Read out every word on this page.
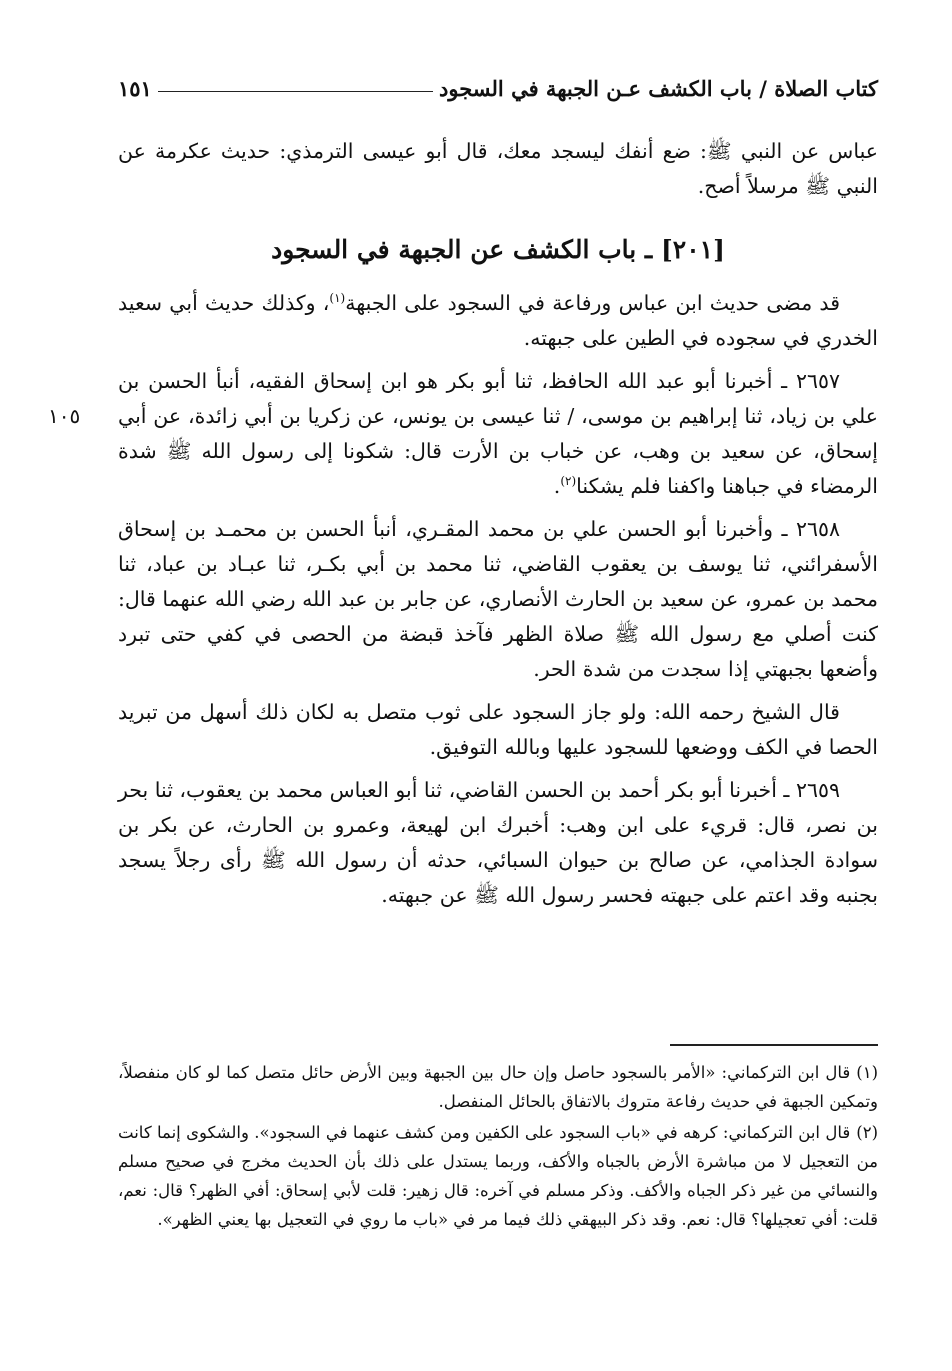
كتاب الصلاة / باب الكشف عـن الجبهة في السجود
١٥١

عباس عن النبي ﷺ: ضع أنفك ليسجد معك، قال أبو عيسى الترمذي: حديث عكرمة عن النبي ﷺ مرسلاً أصح.

[٢٠١] ـ باب الكشف عن الجبهة في السجود

قد مضى حديث ابن عباس ورفاعة في السجود على الجبهة$^{(١)}$، وكذلك حديث أبي سعيد الخدري في سجوده في الطين على جبهته.

١٠٥

٢٦٥٧ ـ أخبرنا أبو عبد الله الحافظ، ثنا أبو بكر هو ابن إسحاق الفقيه، أنبأ الحسن بن علي بن زياد، ثنا إبراهيم بن موسى، / ثنا عيسى بن يونس، عن زكريا بن أبي زائدة، عن أبي إسحاق، عن سعيد بن وهب، عن خباب بن الأرت قال: شكونا إلى رسول الله ﷺ شدة الرمضاء في جباهنا واكفنا فلم يشكنا$^{(٢)}$.

٢٦٥٨ ـ وأخبرنا أبو الحسن علي بن محمد المقـري، أنبأ الحسن بن محمـد بن إسحاق الأسفرائني، ثنا يوسف بن يعقوب القاضي، ثنا محمد بن أبي بكـر، ثنا عبـاد بن عباد، ثنا محمد بن عمرو، عن سعيد بن الحارث الأنصاري، عن جابر بن عبد الله رضي الله عنهما قال: كنت أصلي مع رسول الله ﷺ صلاة الظهر فآخذ قبضة من الحصى في كفي حتى تبرد وأضعها بجبهتي إذا سجدت من شدة الحر.

قال الشيخ رحمه الله: ولو جاز السجود على ثوب متصل به لكان ذلك أسهل من تبريد الحصا في الكف ووضعها للسجود عليها وبالله التوفيق.

٢٦٥٩ ـ أخبرنا أبو بكر أحمد بن الحسن القاضي، ثنا أبو العباس محمد بن يعقوب، ثنا بحر بن نصر، قال: قريء على ابن وهب: أخبرك ابن لهيعة، وعمرو بن الحارث، عن بكر بن سوادة الجذامي، عن صالح بن حيوان السبائي، حدثه أن رسول الله ﷺ رأى رجلاً يسجد بجنبه وقد اعتم على جبهته فحسر رسول الله ﷺ عن جبهته.

(١)قال ابن التركماني: «الأمر بالسجود حاصل وإن حال بين الجبهة وبين الأرض حائل متصل كما لو كان منفصلاً، وتمكين الجبهة في حديث رفاعة متروك بالاتفاق بالحائل المنفصل.

(٢)قال ابن التركماني: كرهه في «باب السجود على الكفين ومن كشف عنهما في السجود». والشكوى إنما كانت من التعجيل لا من مباشرة الأرض بالجباه والأكف، وربما يستدل على ذلك بأن الحديث مخرج في صحيح مسلم والنسائي من غير ذكر الجباه والأكف. وذكر مسلم في آخره: قال زهير: قلت لأبي إسحاق: أفي الظهر؟ قال: نعم، قلت: أفي تعجيلها؟ قال: نعم. وقد ذكر البيهقي ذلك فيما مر في «باب ما روي في التعجيل بها يعني الظهر».
